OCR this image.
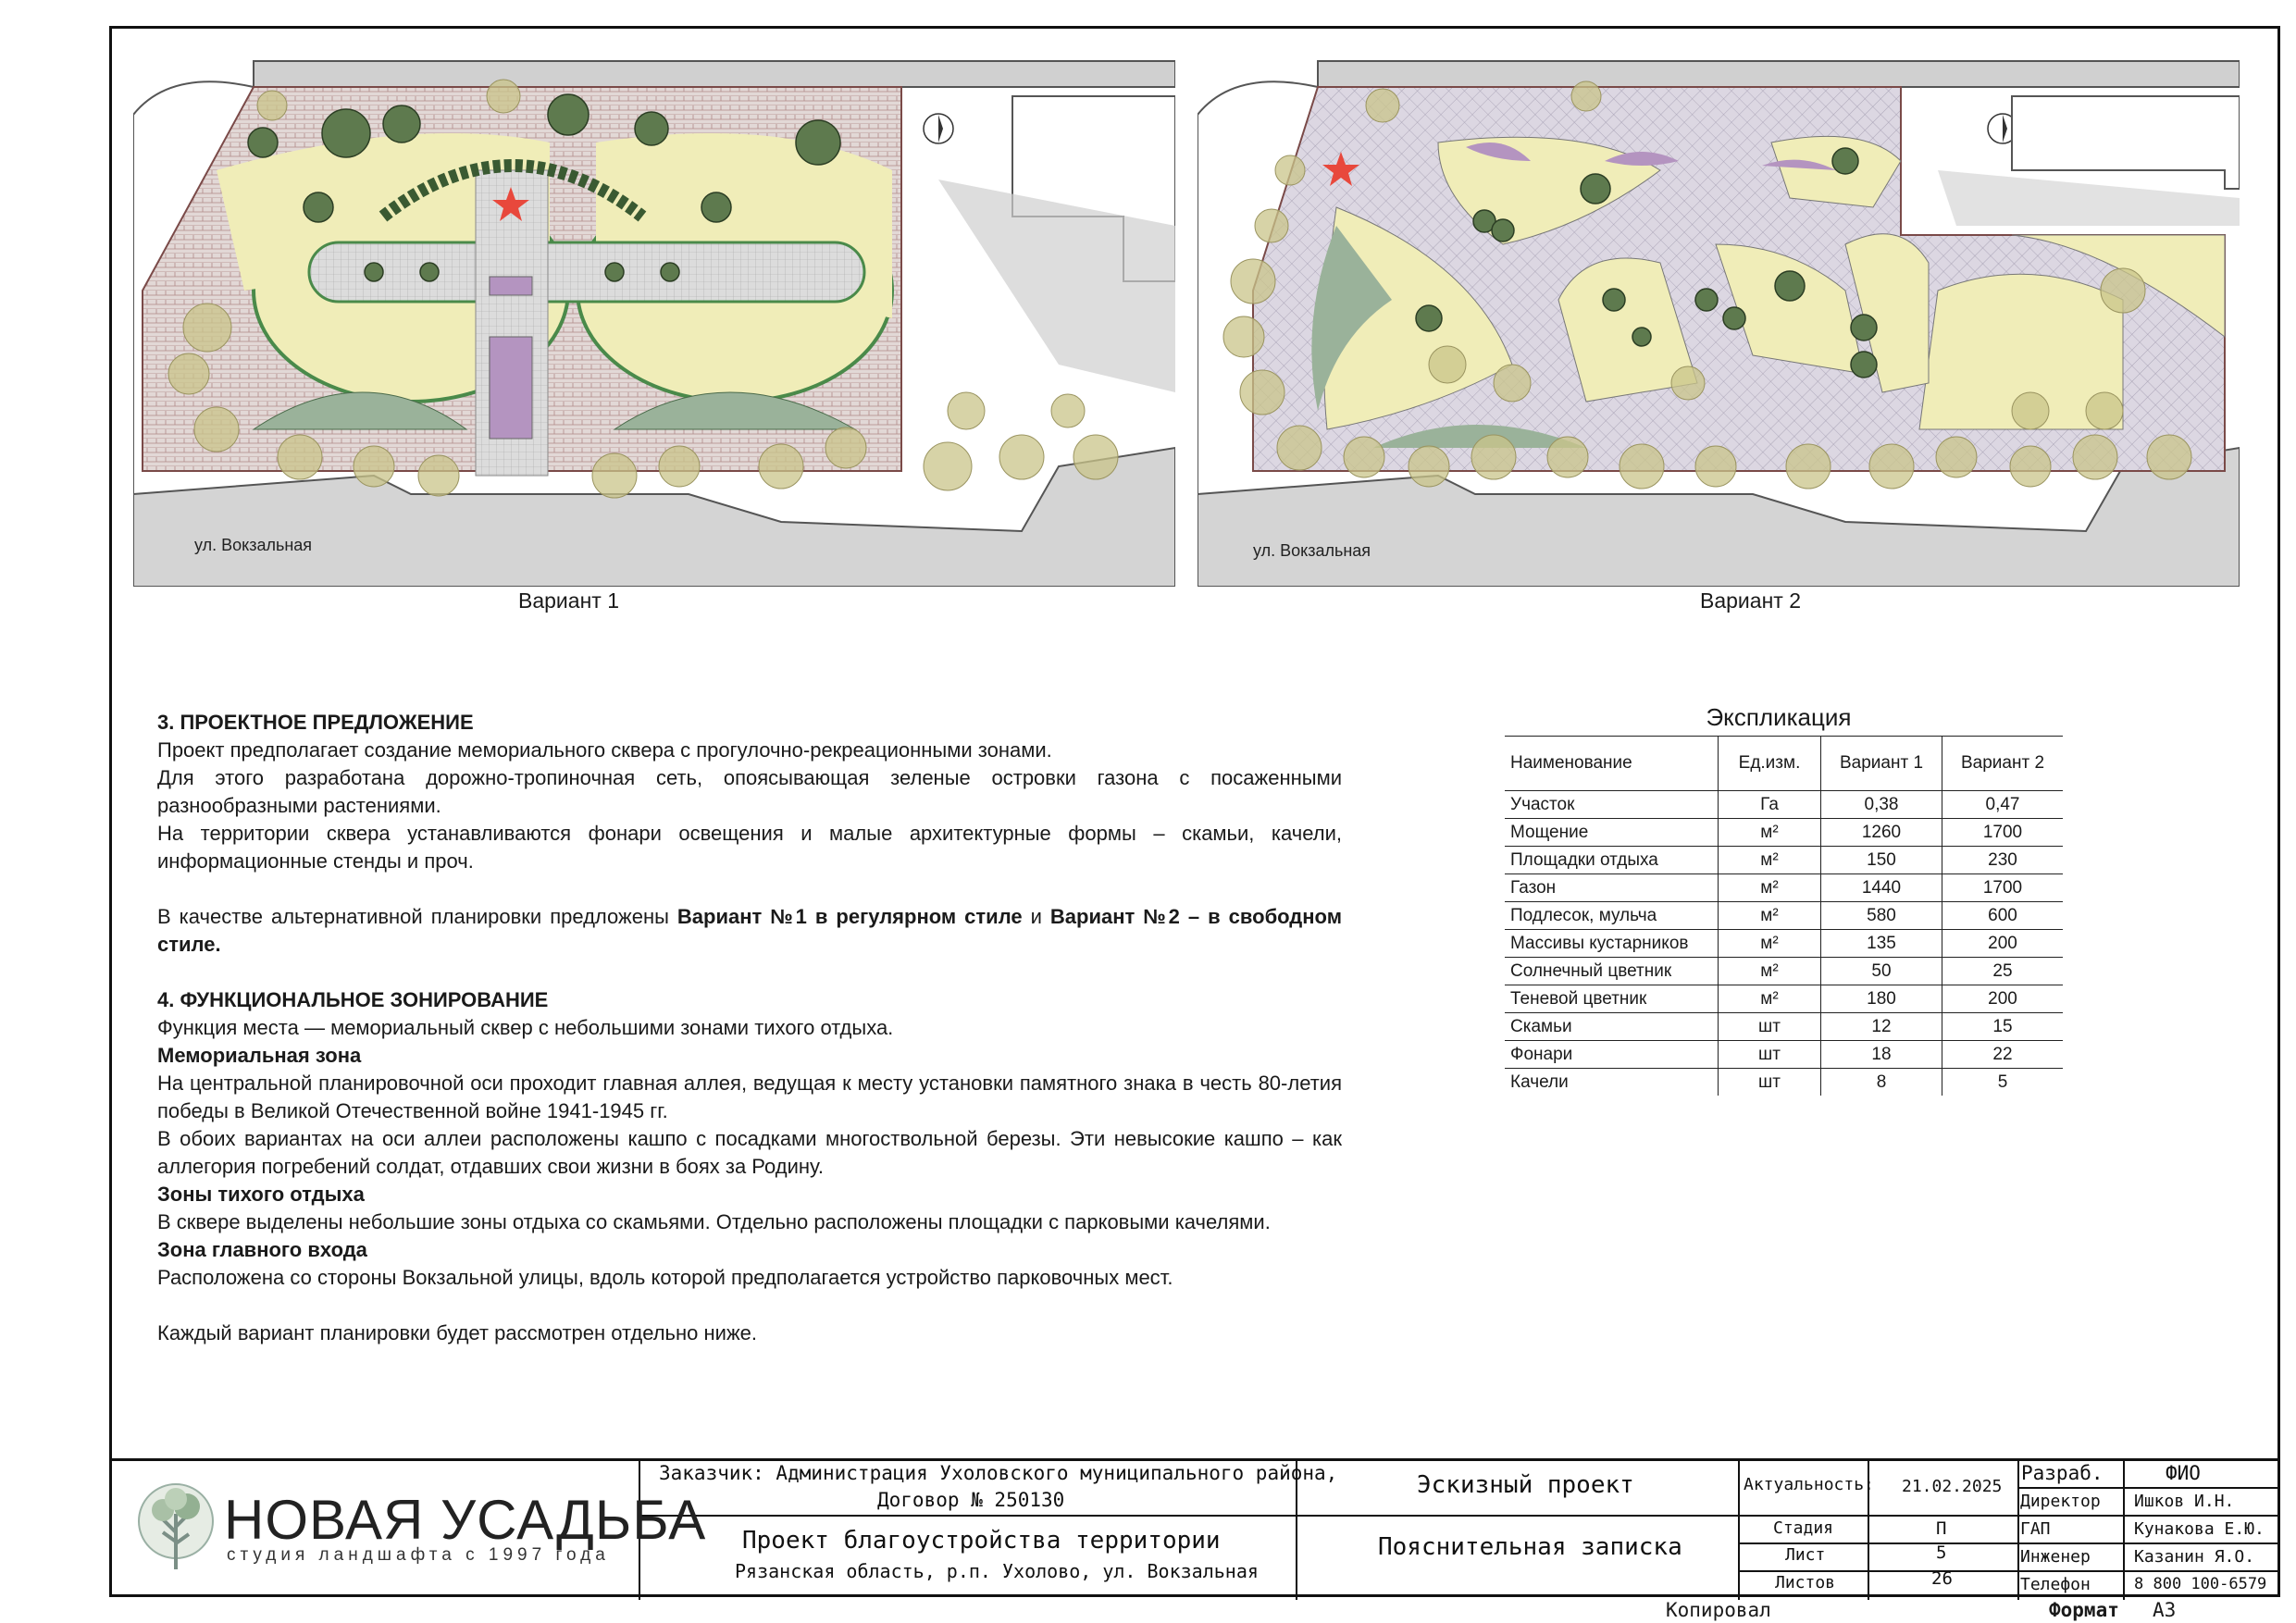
ул. Вокзальная
Вариант 1
ул. Вокзальная
Вариант 2

3. ПРОЕКТНОЕ ПРЕДЛОЖЕНИЕ

Проект предполагает создание мемориального сквера с прогулочно-рекреационными зонами.

Для этого разработана дорожно-тропиночная сеть, опоясывающая зеленые островки газона с посаженными разнообразными растениями.

На территории сквера устанавливаются фонари освещения и малые архитектурные формы – скамьи, качели, информационные стенды и проч.

В качестве альтернативной планировки предложены Вариант №1 в регулярном стиле и Вариант №2 – в свободном стиле.

4. ФУНКЦИОНАЛЬНОЕ ЗОНИРОВАНИЕ

Функция места — мемориальный сквер с небольшими зонами тихого отдыха.

Мемориальная зона

На центральной планировочной оси проходит главная аллея, ведущая к месту установки памятного знака в честь 80-летия победы в Великой Отечественной войне 1941-1945 гг.

В обоих вариантах на оси аллеи расположены кашпо с посадками многоствольной березы. Эти невысокие кашпо – как аллегория погребений солдат, отдавших свои жизни в боях за Родину.

Зоны тихого отдыха

В сквере выделены небольшие зоны отдыха со скамьями. Отдельно расположены площадки с парковыми качелями.

Зона главного входа

Расположена со стороны Вокзальной улицы, вдоль которой предполагается устройство парковочных мест.

Каждый вариант планировки будет рассмотрен отдельно ниже.

Экспликация
Наименование	Ед.изм.	Вариант 1	Вариант 2
Участок	Га	0,38	0,47
Мощение	м²	1260	1700
Площадки отдыха	м²	150	230
Газон	м²	1440	1700
Подлесок, мульча	м²	580	600
Массивы кустарников	м²	135	200
Солнечный цветник	м²	50	25
Теневой цветник	м²	180	200
Скамьи	шт	12	15
Фонари	шт	18	22
Качели	шт	8	5
НОВАЯ УСАДЬБА
студия ландшафта с 1997 года
Заказчик: Администрация Ухоловского муниципального района,
Договор № 250130
Проект благоустройства территории
Рязанская область, р.п. Ухолово, ул. Вокзальная
Эскизный проект
Пояснительная записка
Актуальность: 21.02.2025
Стадия	П
Лист	5
Листов	26
Разраб.	ФИО
Директор Ишков И.Н.
ГАП	Кунакова Е.Ю.
Инженер	Казанин Я.О.
Телефон	8 800 100-6579
Копировал	Формат А3
